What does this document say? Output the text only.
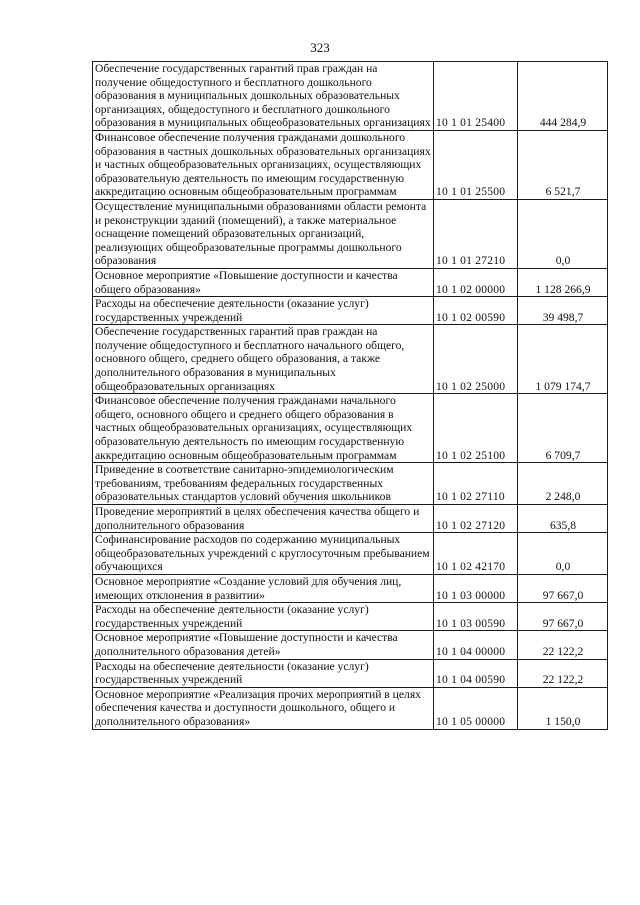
323
Обеспечение государственных гарантий прав граждан на получение общедоступного и бесплатного дошкольного образования в муниципальных дошкольных образовательных организациях, общедоступного и бесплатного дошкольного образования в муниципальных общеобразовательных организациях	10 1 01 25400	444 284,9
Финансовое обеспечение получения гражданами дошкольного образования в частных дошкольных образовательных организациях и частных общеобразовательных организациях, осуществляющих образовательную деятельность по имеющим государственную аккредитацию основным общеобразовательным программам	10 1 01 25500	6 521,7
Осуществление муниципальными образованиями области ремонта и реконструкции зданий (помещений), а также материальное оснащение помещений образовательных организаций, реализующих общеобразовательные программы дошкольного образования	10 1 01 27210	0,0
Основное мероприятие «Повышение доступности и качества общего образования»	10 1 02 00000	1 128 266,9
Расходы на обеспечение деятельности (оказание услуг) государственных учреждений	10 1 02 00590	39 498,7
Обеспечение государственных гарантий прав граждан на получение общедоступного и бесплатного начального общего, основного общего, среднего общего образования, а также дополнительного образования в муниципальных общеобразовательных организациях	10 1 02 25000	1 079 174,7
Финансовое обеспечение получения гражданами начального общего, основного общего и среднего общего образования в частных общеобразовательных организациях, осуществляющих образовательную деятельность по имеющим государственную аккредитацию основным общеобразовательным программам	10 1 02 25100	6 709,7
Приведение в соответствие санитарно-эпидемиологическим требованиям, требованиям федеральных государственных образовательных стандартов условий обучения школьников	10 1 02 27110	2 248,0
Проведение мероприятий в целях обеспечения качества общего и дополнительного образования	10 1 02 27120	635,8
Софинансирование расходов по содержанию муниципальных общеобразовательных учреждений с круглосуточным пребыванием обучающихся	10 1 02 42170	0,0
Основное мероприятие «Создание условий для обучения лиц, имеющих отклонения в развитии»	10 1 03 00000	97 667,0
Расходы на обеспечение деятельности (оказание услуг) государственных учреждений	10 1 03 00590	97 667,0
Основное мероприятие «Повышение доступности и качества дополнительного образования детей»	10 1 04 00000	22 122,2
Расходы на обеспечение деятельности (оказание услуг) государственных учреждений	10 1 04 00590	22 122,2
Основное мероприятие «Реализация прочих мероприятий в целях обеспечения качества и доступности дошкольного, общего и дополнительного образования»	10 1 05 00000	1 150,0
